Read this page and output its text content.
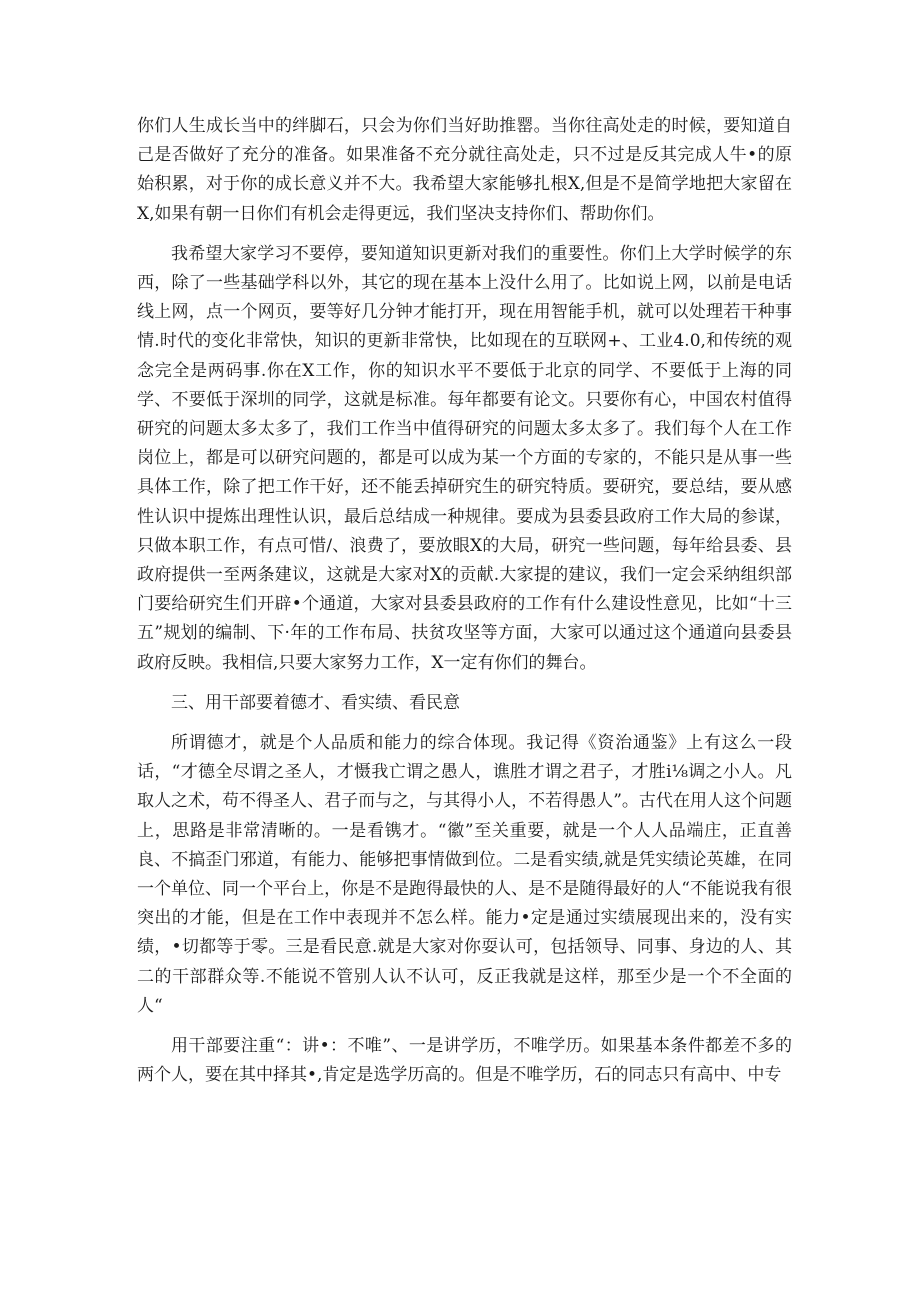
你们人生成长当中的绊脚石，只会为你们当好助推罂。当你往高处走的时候，要知道自己是否做好了充分的准备。如果准备不充分就往高处走，只不过是反其完成人牛•的原始积累，对于你的成长意义并不大。我希望大家能够扎根X,但是不是简学地把大家留在X,如果有朝一日你们有机会走得更远，我们坚决支持你们、帮助你们。

我希望大家学习不要停，要知道知识更新对我们的重要性。你们上大学时候学的东西，除了一些基础学科以外，其它的现在基本上没什么用了。比如说上网，以前是电话线上网，点一个网页，要等好几分钟才能打开，现在用智能手机，就可以处理若干种事情.时代的变化非常快，知识的更新非常快，比如现在的互联网+、工业4.0,和传统的观念完全是两码事.你在X工作，你的知识水平不要低于北京的同学、不要低于上海的同学、不要低于深圳的同学，这就是标准。每年都要有论文。只要你有心，中国农村值得研究的问题太多太多了，我们工作当中值得研究的问题太多太多了。我们每个人在工作岗位上，都是可以研究问题的，都是可以成为某一个方面的专家的，不能只是从事一些具体工作，除了把工作干好，还不能丢掉研究生的研究特质。要研究，要总结，要从感性认识中提炼出理性认识，最后总结成一种规律。要成为县委县政府工作大局的参谋，只做本职工作，有点可惜/、浪费了，要放眼X的大局，研究一些问题，每年给县委、县政府提供一至两条建议，这就是大家对X的贡献.大家提的建议，我们一定会采纳组织部门要给研究生们开辟•个通道，大家对县委县政府的工作有什么建设性意见，比如“十三五”规划的编制、下·年的工作布局、扶贫攻坚等方面，大家可以通过这个通道向县委县政府反映。我相信,只要大家努力工作，X一定有你们的舞台。

三、用干部要着德才、看实绩、看民意

所谓德才，就是个人品质和能力的综合体现。我记得《资治通鉴》上有这么一段话，“才德全尽谓之圣人，才慑我亡谓之愚人，谯胜才谓之君子，才胜i⅛调之小人。凡取人之术，苟不得圣人、君子而与之，与其得小人，不若得愚人”。古代在用人这个问题上，思路是非常清晰的。一是看镌才。“徽”至关重要，就是一个人人品端庄，正直善良、不搞歪门邪道，有能力、能够把事情做到位。二是看实绩,就是凭实绩论英雄，在同一个单位、同一个平台上，你是不是跑得最快的人、是不是随得最好的人“不能说我有很突出的才能，但是在工作中表现并不怎么样。能力•定是通过实绩展现出来的，没有实绩，•切都等于零。三是看民意.就是大家对你耍认可，包括领导、同事、身边的人、其二的干部群众等.不能说不管别人认不认可，反正我就是这样，那至少是一个不全面的人“

用干部要注重“：讲•：不唯”、一是讲学历，不唯学历。如果基本条件都差不多的两个人，要在其中择其•,肯定是选学历高的。但是不唯学历，石的同志只有高中、中专
